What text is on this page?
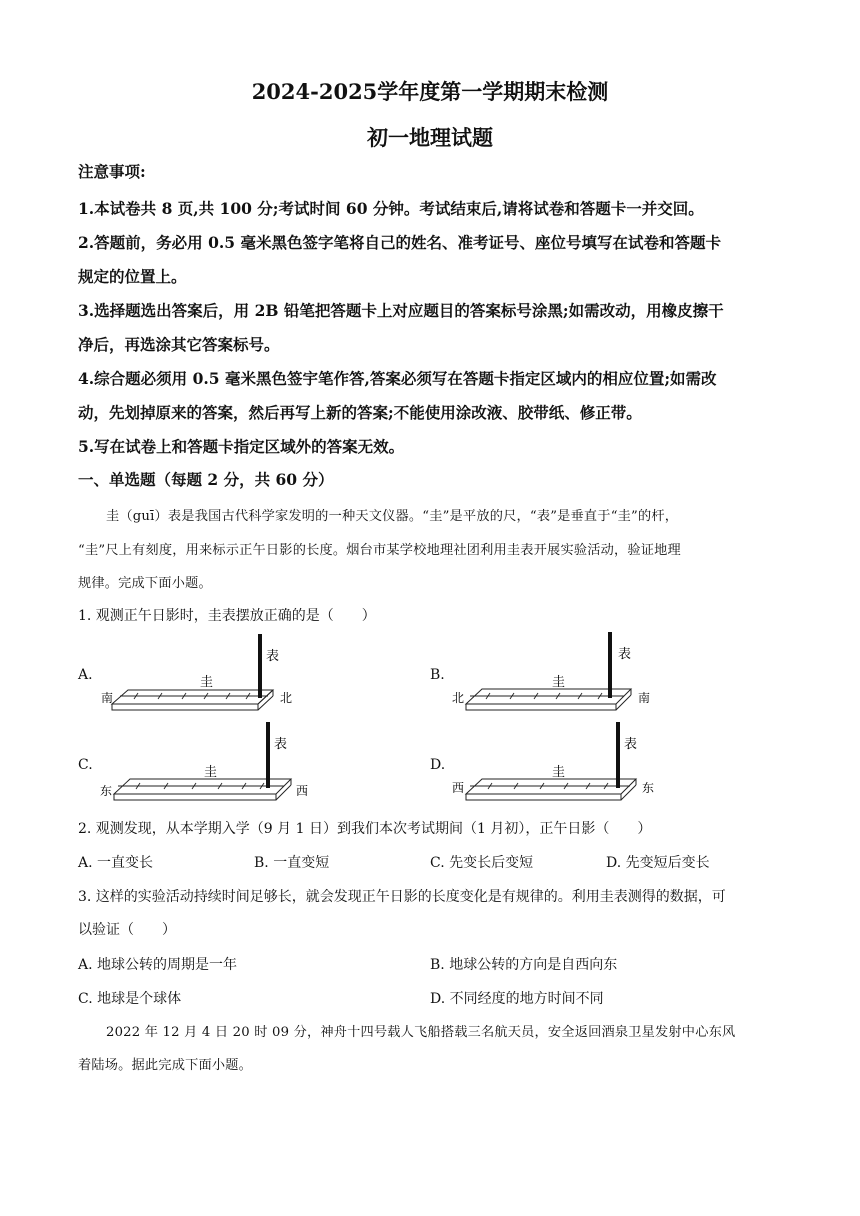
2024-2025学年度第一学期期末检测
初一地理试题
注意事项:
1.本试卷共 8 页,共 100 分;考试时间 60 分钟。考试结束后,请将试卷和答题卡一并交回。
2.答题前，务必用 0.5 毫米黑色签字笔将自己的姓名、准考证号、座位号填写在试卷和答题卡
规定的位置上。
3.选择题选出答案后，用 2B 铅笔把答题卡上对应题目的答案标号涂黑;如需改动，用橡皮擦干
净后，再选涂其它答案标号。
4.综合题必须用 0.5 毫米黑色签宇笔作答,答案必须写在答题卡指定区域内的相应位置;如需改
动，先划掉原来的答案，然后再写上新的答案;不能使用涂改液、胶带纸、修正带。
5.写在试卷上和答题卡指定区域外的答案无效。
一、单选题（每题 2 分，共 60 分）
圭（guī）表是我国古代科学家发明的一种天文仪器。“圭”是平放的尺，“表”是垂直于“圭”的杆，
“圭”尺上有刻度，用来标示正午日影的长度。烟台市某学校地理社团利用圭表开展实验活动，验证地理
规律。完成下面小题。
1. 观测正午日影时，圭表摆放正确的是（　　）
A.	圭
表
南	北
B.
表
圭
北	南
C.
表
圭
东	西
D.
表
圭
西	东
2. 观测发现，从本学期入学（9 月 1 日）到我们本次考试期间（1 月初），正午日影（　　）
A. 一直变长	B. 一直变短	C. 先变长后变短	D. 先变短后变长
3. 这样的实验活动持续时间足够长，就会发现正午日影的长度变化是有规律的。利用圭表测得的数据，可
以验证（　　）
A. 地球公转的周期是一年	B. 地球公转的方向是自西向东
C. 地球是个球体	D. 不同经度的地方时间不同
2022 年 12 月 4 日 20 时 09 分，神舟十四号载人飞船搭载三名航天员，安全返回酒泉卫星发射中心东风
着陆场。据此完成下面小题。
